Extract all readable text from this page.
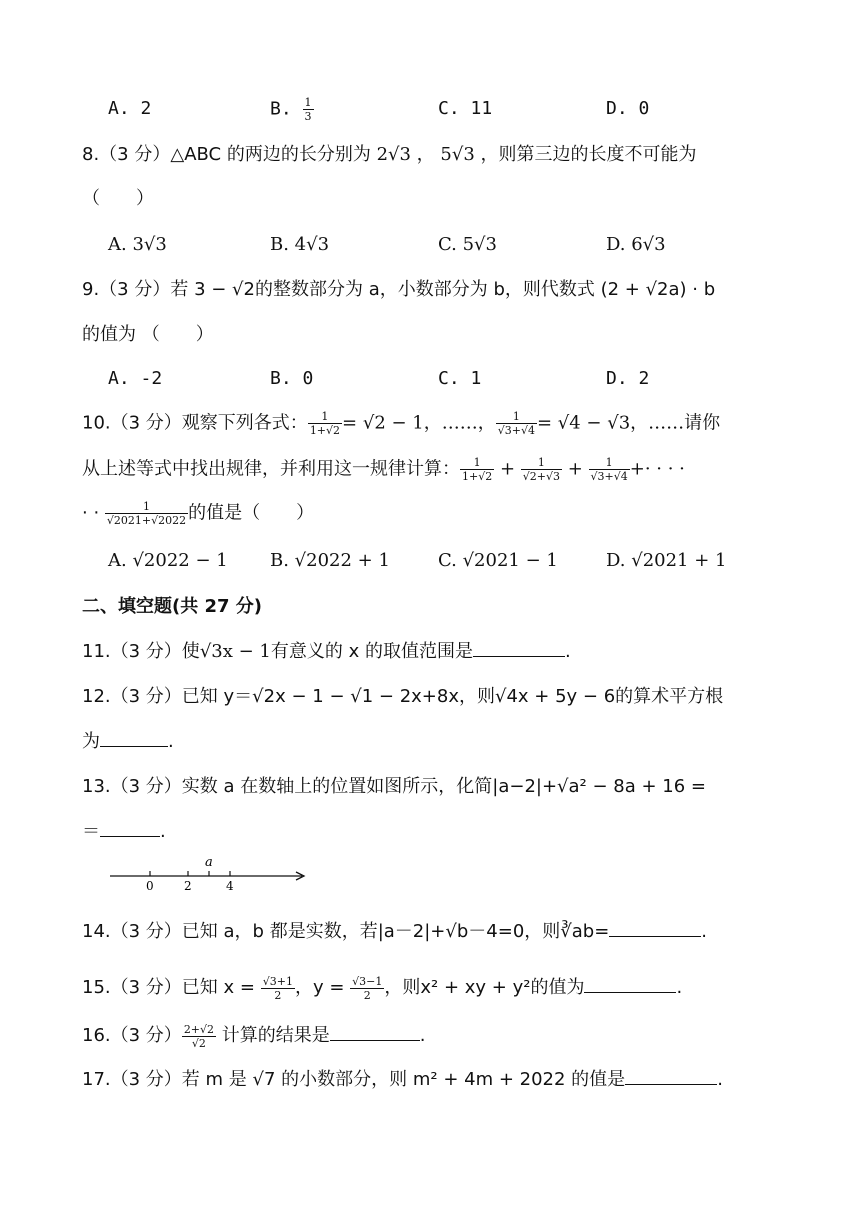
A. 2	B. $\frac{1}{3}$	C. 11	D. 0
8.（3 分）△ABC 的两边的长分别为 2√3 ， 5√3 ，则第三边的长度不可能为
（　　）
A. 3√3	B. 4√3	C. 5√3	D. 6√3
9.（3 分）若 3 − √2的整数部分为 a，小数部分为 b，则代数式 (2 + √2a) · b
的值为 （　　）
A. -2	B. 0	C. 1	D. 2
10.（3 分）观察下列各式： $\frac{1}{1+√2} = √2 - 1$，……， $\frac{1}{√3+√4} = √4 - √3$，……请你
从上述等式中找出规律，并利用这一规律计算： $\frac{1}{1+√2} + \frac{1}{√2+√3} + \frac{1}{√3+√4}$ +· · · ·
· · $\frac{1}{√2021+√2022}$ 的值是（　　）
A. √2022 − 1 B. √2022 + 1	C. √2021 − 1	D. √2021 + 1
二、填空题(共 27 分)
11.（3 分）使√3x − 1有意义的 x 的取值范围是	.
12.（3 分）已知 y＝√2x − 1 − √1 − 2x+8x，则√4x + 5y − 6的算术平方根
为	.
13.（3 分）实数 a 在数轴上的位置如图所示，化简|a−2|+√a² − 8a + 16 =
＝	.
0	2	4
a
14.（3 分）已知 a，b 都是实数，若|a－2|+√b－4=0，则∛ab=	.
15.（3 分）已知 $x = \frac{√3+1}{2}$ ，$y = \frac{√3-1}{2}$ ，则x² + xy + y²的值为	.
16.（3 分） $\frac{2+√2}{√2}$ 计算的结果是	.
17.（3 分）若 m 是 √7 的小数部分，则 m² + 4m + 2022 的值是	.
